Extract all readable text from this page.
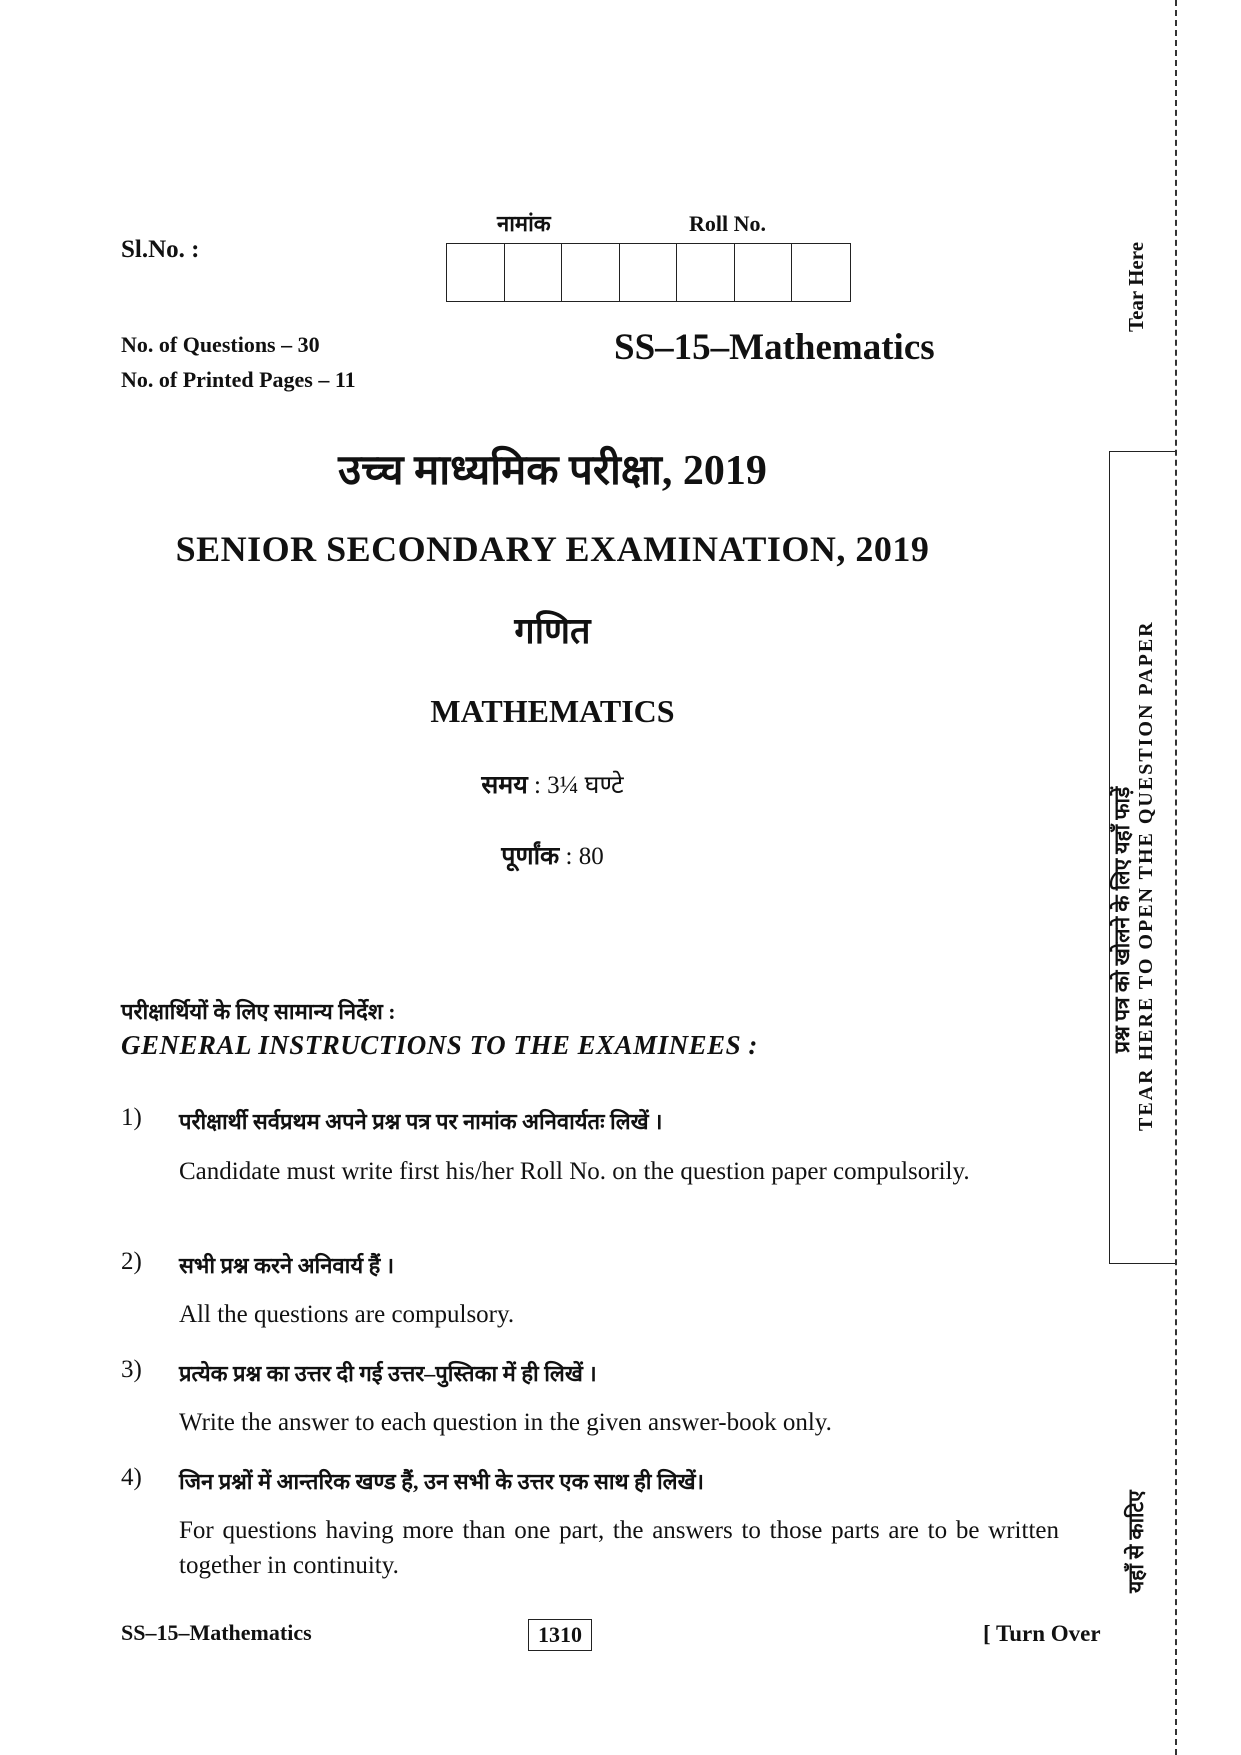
Sl.No. :
नामांक	Roll No.
No. of Questions – 30
No. of Printed Pages – 11
SS–15–Mathematics
उच्च माध्यमिक परीक्षा, 2019
SENIOR SECONDARY EXAMINATION, 2019
गणित
MATHEMATICS
समय : 3¼ घण्टे
पूर्णांक : 80
परीक्षार्थियों के लिए सामान्य निर्देश :
GENERAL INSTRUCTIONS TO THE EXAMINEES :
1) परीक्षार्थी सर्वप्रथम अपने प्रश्न पत्र पर नामांक अनिवार्यतः लिखें ।
Candidate must write first his/her Roll No. on the question paper compulsorily.
2) सभी प्रश्न करने अनिवार्य हैं ।
All the questions are compulsory.
3) प्रत्येक प्रश्न का उत्तर दी गई उत्तर–पुस्तिका में ही लिखें ।
Write the answer to each question in the given answer-book only.
4) जिन प्रश्नों में आन्तरिक खण्ड हैं, उन सभी के उत्तर एक साथ ही लिखें।
For questions having more than one part, the answers to those parts are to be written together in continuity.
SS–15–Mathematics	1310	[ Turn Over
Tear Here
प्रश्न पत्र को खोलने के लिए यहाँ फाड़ें TEAR HERE TO OPEN THE QUESTION PAPER
यहाँ से काटिए
